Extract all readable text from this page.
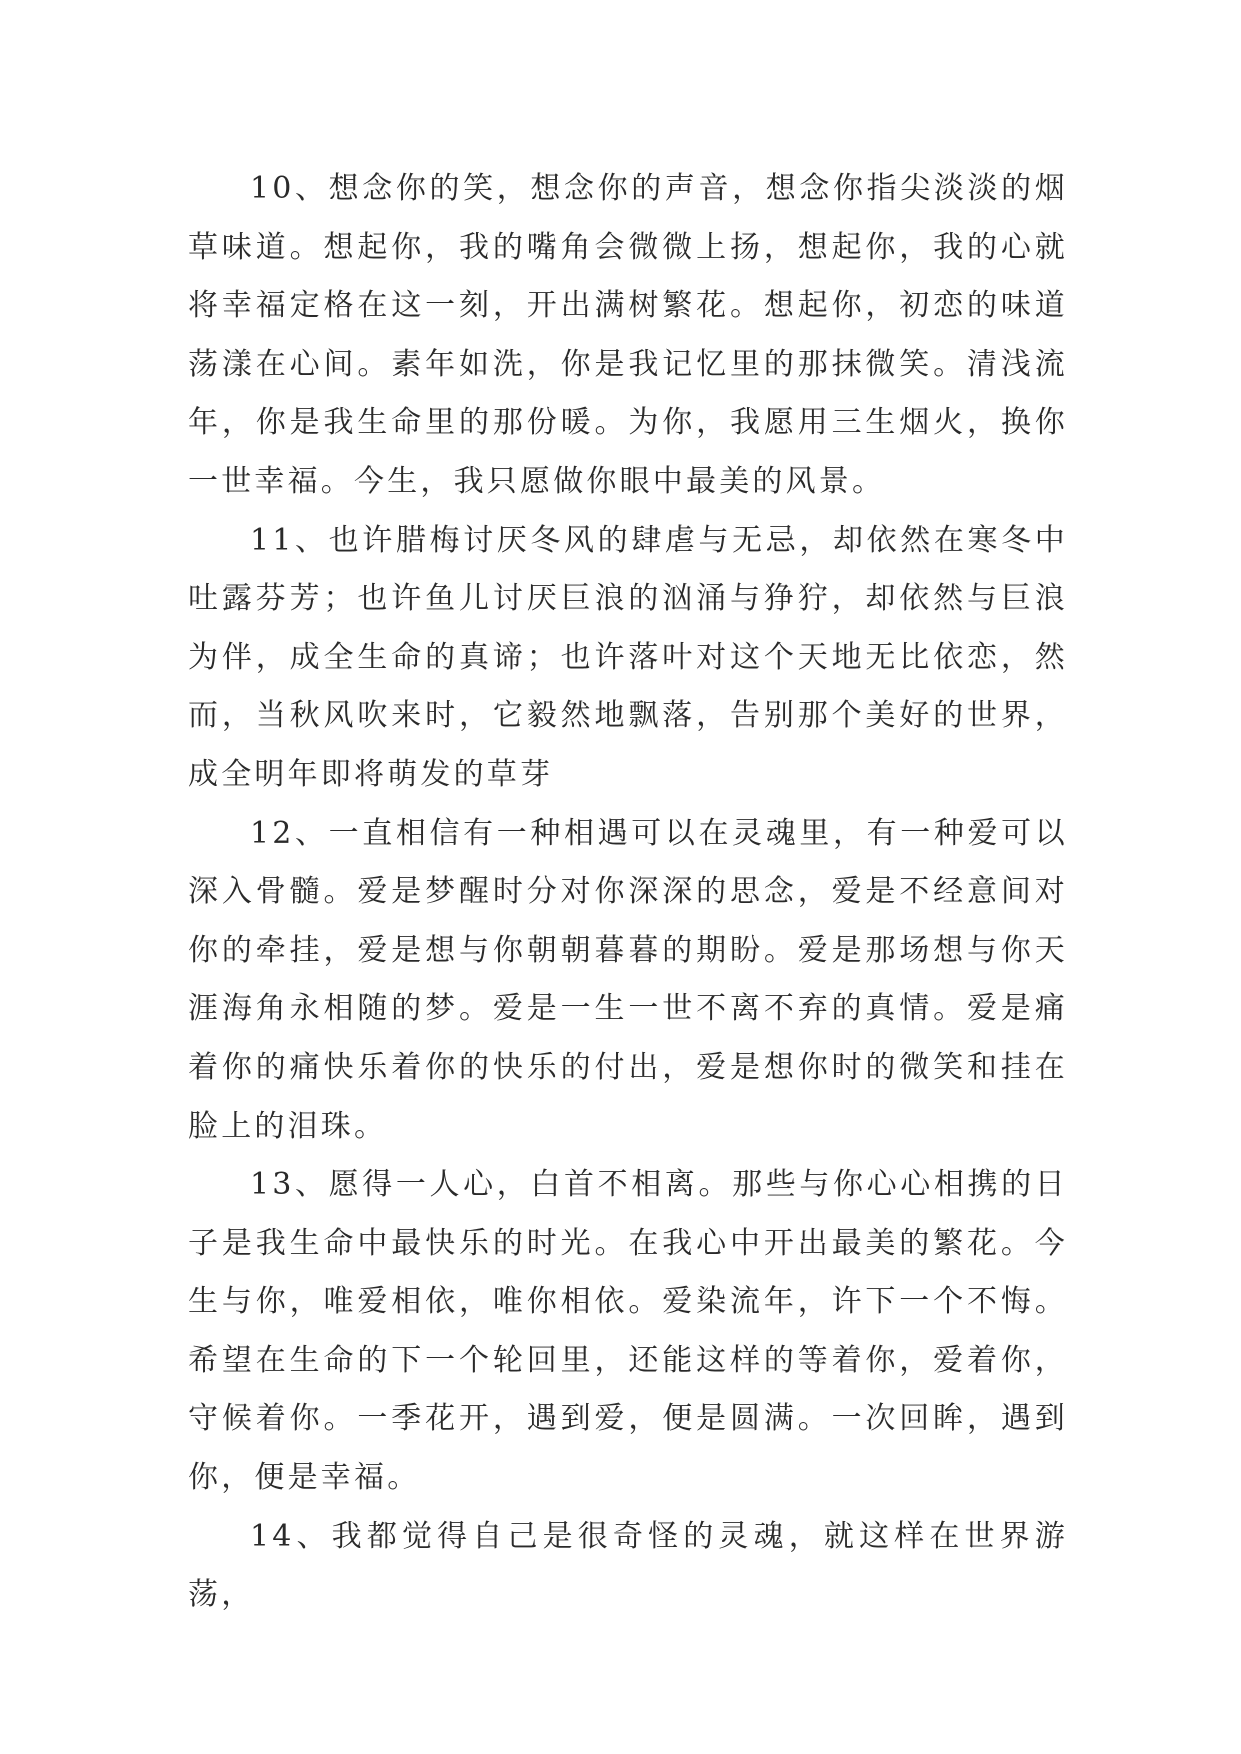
10、想念你的笑，想念你的声音，想念你指尖淡淡的烟草味道。想起你，我的嘴角会微微上扬，想起你，我的心就将幸福定格在这一刻，开出满树繁花。想起你，初恋的味道荡漾在心间。素年如洗，你是我记忆里的那抹微笑。清浅流年，你是我生命里的那份暖。为你，我愿用三生烟火，换你一世幸福。今生，我只愿做你眼中最美的风景。

11、也许腊梅讨厌冬风的肆虐与无忌，却依然在寒冬中吐露芬芳；也许鱼儿讨厌巨浪的汹涌与狰狞，却依然与巨浪为伴，成全生命的真谛；也许落叶对这个天地无比依恋，然而，当秋风吹来时，它毅然地飘落，告别那个美好的世界，成全明年即将萌发的草芽

12、一直相信有一种相遇可以在灵魂里，有一种爱可以深入骨髓。爱是梦醒时分对你深深的思念，爱是不经意间对你的牵挂，爱是想与你朝朝暮暮的期盼。爱是那场想与你天涯海角永相随的梦。爱是一生一世不离不弃的真情。爱是痛着你的痛快乐着你的快乐的付出，爱是想你时的微笑和挂在脸上的泪珠。

13、愿得一人心，白首不相离。那些与你心心相携的日子是我生命中最快乐的时光。在我心中开出最美的繁花。今生与你，唯爱相依，唯你相依。爱染流年，许下一个不悔。希望在生命的下一个轮回里，还能这样的等着你，爱着你，守候着你。一季花开，遇到爱，便是圆满。一次回眸，遇到你，便是幸福。

14、我都觉得自己是很奇怪的灵魂，就这样在世界游荡，
